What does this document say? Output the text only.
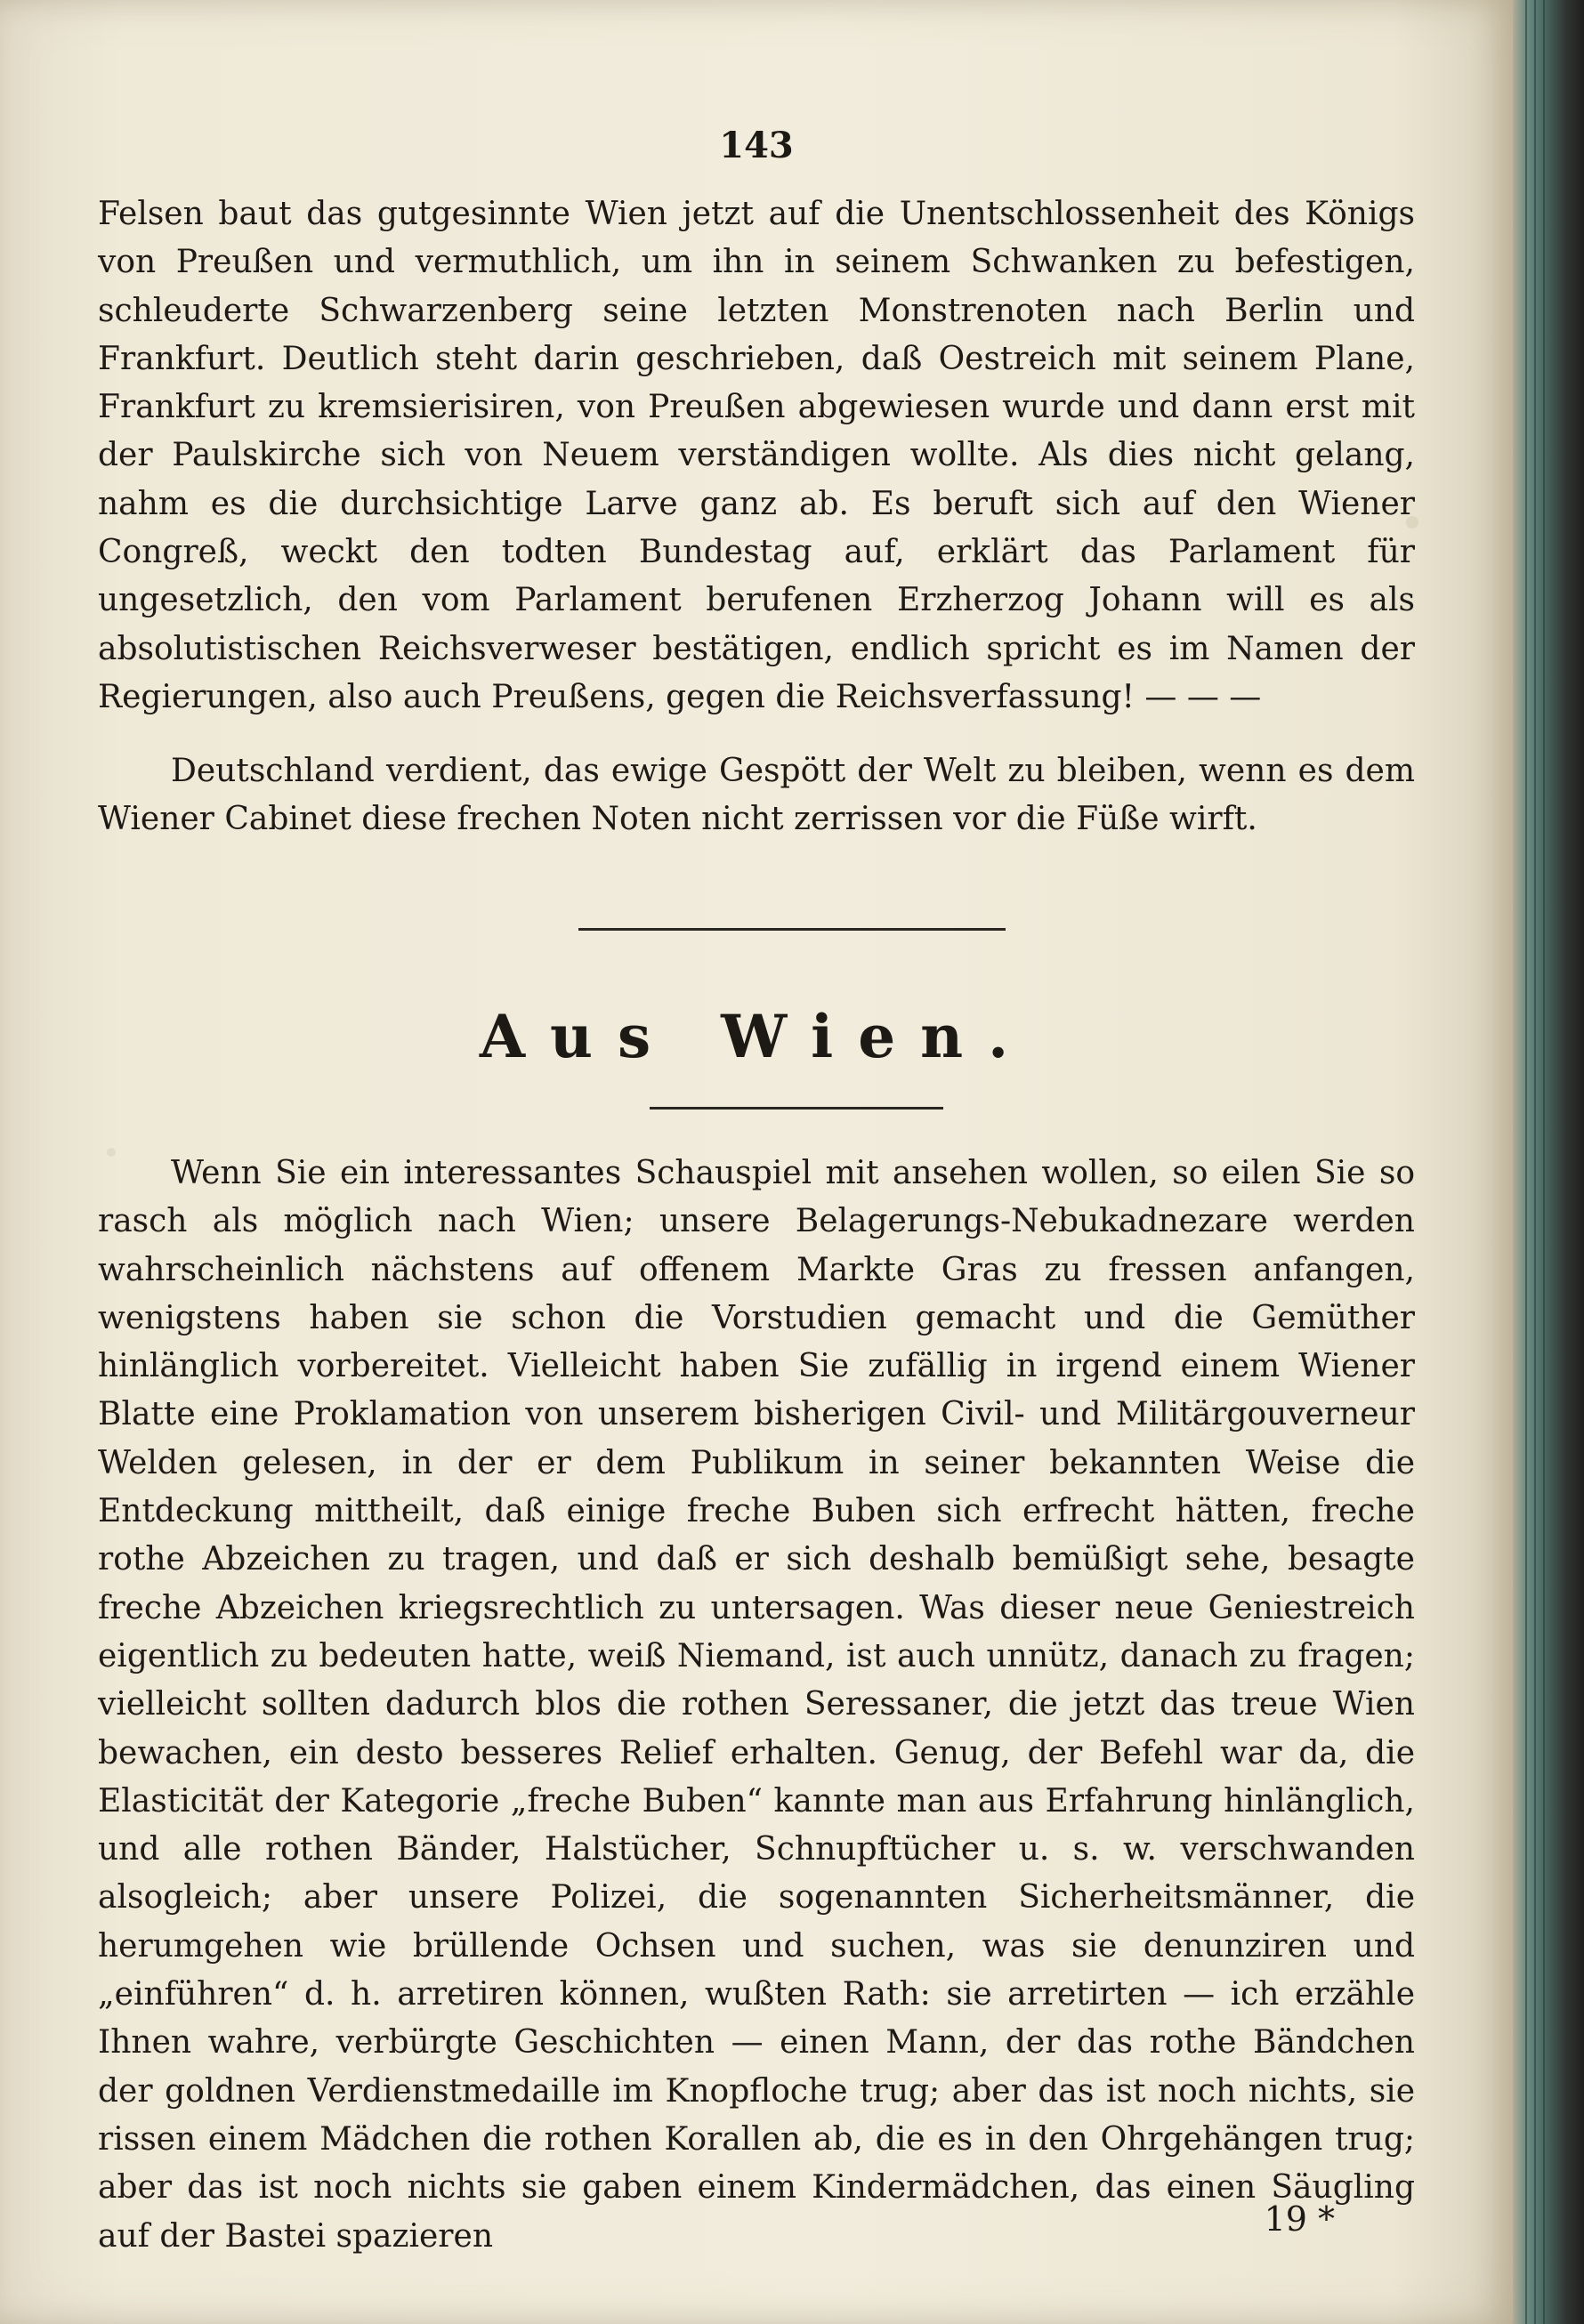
143

Felsen baut das gutgesinnte Wien jetzt auf die Unentschlossenheit des Königs von Preußen und vermuthlich, um ihn in seinem Schwanken zu befestigen, schleuderte Schwarzenberg seine letzten Monstrenoten nach Berlin und Frankfurt. Deutlich steht darin geschrieben, daß Oestreich mit seinem Plane, Frankfurt zu kremsierisiren, von Preußen abgewiesen wurde und dann erst mit der Paulskirche sich von Neuem verständigen wollte. Als dies nicht gelang, nahm es die durchsichtige Larve ganz ab. Es beruft sich auf den Wiener Congreß, weckt den todten Bundestag auf, erklärt das Parlament für ungesetzlich, den vom Parlament berufenen Erzherzog Johann will es als absolutistischen Reichsverweser bestätigen, endlich spricht es im Namen der Regierungen, also auch Preußens, gegen die Reichsverfassung! — — —

Deutschland verdient, das ewige Gespött der Welt zu bleiben, wenn es dem Wiener Cabinet diese frechen Noten nicht zerrissen vor die Füße wirft.

Aus Wien.

Wenn Sie ein interessantes Schauspiel mit ansehen wollen, so eilen Sie so rasch als möglich nach Wien; unsere Belagerungs-Nebukadnezare werden wahrscheinlich nächstens auf offenem Markte Gras zu fressen anfangen, wenigstens haben sie schon die Vorstudien gemacht und die Gemüther hinlänglich vorbereitet. Vielleicht haben Sie zufällig in irgend einem Wiener Blatte eine Proklamation von unserem bisherigen Civil- und Militärgouverneur Welden gelesen, in der er dem Publikum in seiner bekannten Weise die Entdeckung mittheilt, daß einige freche Buben sich erfrecht hätten, freche rothe Abzeichen zu tragen, und daß er sich deshalb bemüßigt sehe, besagte freche Abzeichen kriegsrechtlich zu untersagen. Was dieser neue Geniestreich eigentlich zu bedeuten hatte, weiß Niemand, ist auch unnütz, danach zu fragen; vielleicht sollten dadurch blos die rothen Seressaner, die jetzt das treue Wien bewachen, ein desto besseres Relief erhalten. Genug, der Befehl war da, die Elasticität der Kategorie „freche Buben“ kannte man aus Erfahrung hinlänglich, und alle rothen Bänder, Halstücher, Schnupftücher u. s. w. verschwanden alsogleich; aber unsere Polizei, die sogenannten Sicherheitsmänner, die herumgehen wie brüllende Ochsen und suchen, was sie denunziren und „einführen“ d. h. arretiren können, wußten Rath: sie arretirten — ich erzähle Ihnen wahre, verbürgte Geschichten — einen Mann, der das rothe Bändchen der goldnen Verdienstmedaille im Knopfloche trug; aber das ist noch nichts, sie rissen einem Mädchen die rothen Korallen ab, die es in den Ohrgehängen trug; aber das ist noch nichts sie gaben einem Kindermädchen, das einen Säugling auf der Bastei spazieren	19 *
